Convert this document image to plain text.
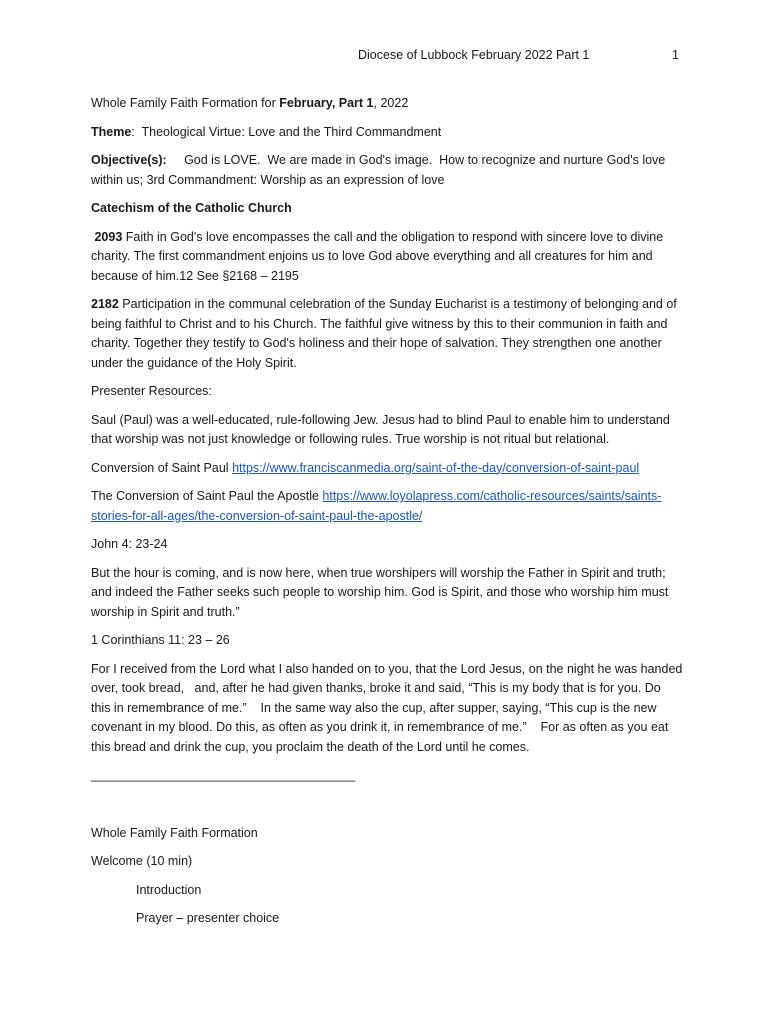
Diocese of Lubbock February 2022 Part 1	1

Whole Family Faith Formation for February, Part 1, 2022

Theme:  Theological Virtue: Love and the Third Commandment

Objective(s):     God is LOVE.  We are made in God's image.  How to recognize and nurture God's love within us; 3rd Commandment: Worship as an expression of love

Catechism of the Catholic Church

2093 Faith in God's love encompasses the call and the obligation to respond with sincere love to divine charity. The first commandment enjoins us to love God above everything and all creatures for him and because of him.12 See §2168 – 2195

2182 Participation in the communal celebration of the Sunday Eucharist is a testimony of belonging and of being faithful to Christ and to his Church. The faithful give witness by this to their communion in faith and charity. Together they testify to God's holiness and their hope of salvation. They strengthen one another under the guidance of the Holy Spirit.

Presenter Resources:

Saul (Paul) was a well-educated, rule-following Jew. Jesus had to blind Paul to enable him to understand that worship was not just knowledge or following rules. True worship is not ritual but relational.

Conversion of Saint Paul https://www.franciscanmedia.org/saint-of-the-day/conversion-of-saint-paul

The Conversion of Saint Paul the Apostle https://www.loyolapress.com/catholic-resources/saints/saints-stories-for-all-ages/the-conversion-of-saint-paul-the-apostle/

John 4: 23-24

But the hour is coming, and is now here, when true worshipers will worship the Father in Spirit and truth; and indeed the Father seeks such people to worship him. God is Spirit, and those who worship him must worship in Spirit and truth.”

1 Corinthians 11: 23 – 26

For I received from the Lord what I also handed on to you, that the Lord Jesus, on the night he was handed over, took bread,   and, after he had given thanks, broke it and said, “This is my body that is for you. Do this in remembrance of me.”    In the same way also the cup, after supper, saying, “This cup is the new covenant in my blood. Do this, as often as you drink it, in remembrance of me.”    For as often as you eat this bread and drink the cup, you proclaim the death of the Lord until he comes.

______________________________________

Whole Family Faith Formation

Welcome (10 min)

Introduction

Prayer – presenter choice
